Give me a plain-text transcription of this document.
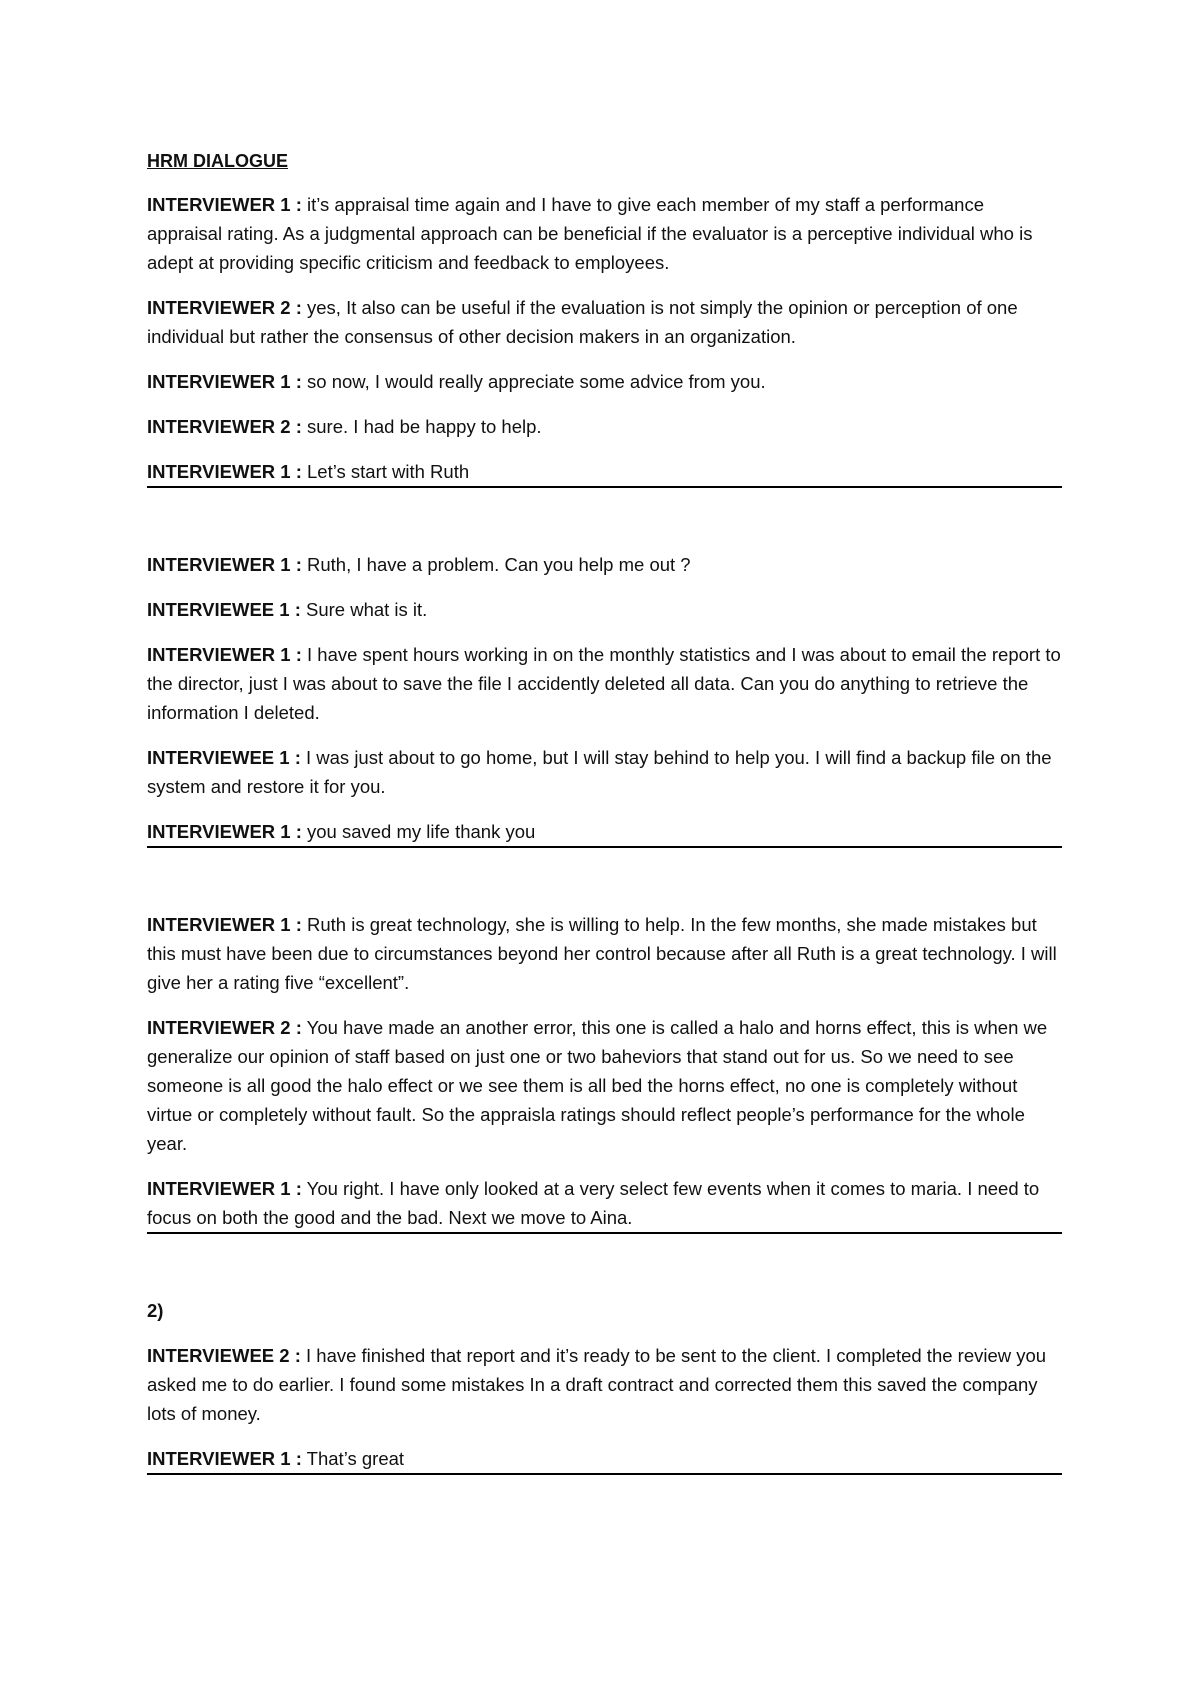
HRM DIALOGUE

INTERVIEWER 1 : it’s appraisal time again and I have to give each member of my staff a performance appraisal rating. As a judgmental approach can be beneficial if the evaluator is a perceptive individual who is adept at providing specific criticism and feedback to employees.

INTERVIEWER 2 : yes, It also can be useful if the evaluation is not simply the opinion or perception of one individual but rather the consensus of other decision makers in an organization.

INTERVIEWER 1 : so now, I would really appreciate some advice from you.

INTERVIEWER 2 : sure. I had be happy to help.

INTERVIEWER 1 : Let’s start with Ruth

INTERVIEWER 1 : Ruth, I have a problem. Can you help me out ?

INTERVIEWEE 1 : Sure what is it.

INTERVIEWER 1 : I have spent hours working in on the monthly statistics and I was about to email the report to the director, just I was about to save the file I accidently deleted all data. Can you do anything to retrieve the information I deleted.

INTERVIEWEE 1 : I was just about to go home, but I will stay behind to help you. I will find a backup file on the system and restore it for you.

INTERVIEWER 1 : you saved my life thank you

INTERVIEWER 1 : Ruth is great technology, she is willing to help. In the few months, she made mistakes but this must have been due to circumstances beyond her control because after all Ruth is a great technology. I will give her a rating five “excellent”.

INTERVIEWER 2 : You have made an another error, this one is called a halo and horns effect, this is when we generalize our opinion of staff based on just one or two baheviors that stand out for us. So we need to see someone is all good the halo effect or we see them is all bed the horns effect, no one is completely without virtue or completely without fault. So the appraisla ratings should reflect people’s performance for the whole year.

INTERVIEWER 1 : You right. I have only looked at a very select few events when it comes to maria. I need to focus on both the good and the bad. Next we move to Aina.

2)

INTERVIEWEE 2 : I have finished that report and it’s ready to be sent to the client. I completed the review you asked me to do earlier. I found some mistakes In a draft contract and corrected them this saved the company lots of money.

INTERVIEWER 1 : That’s great
